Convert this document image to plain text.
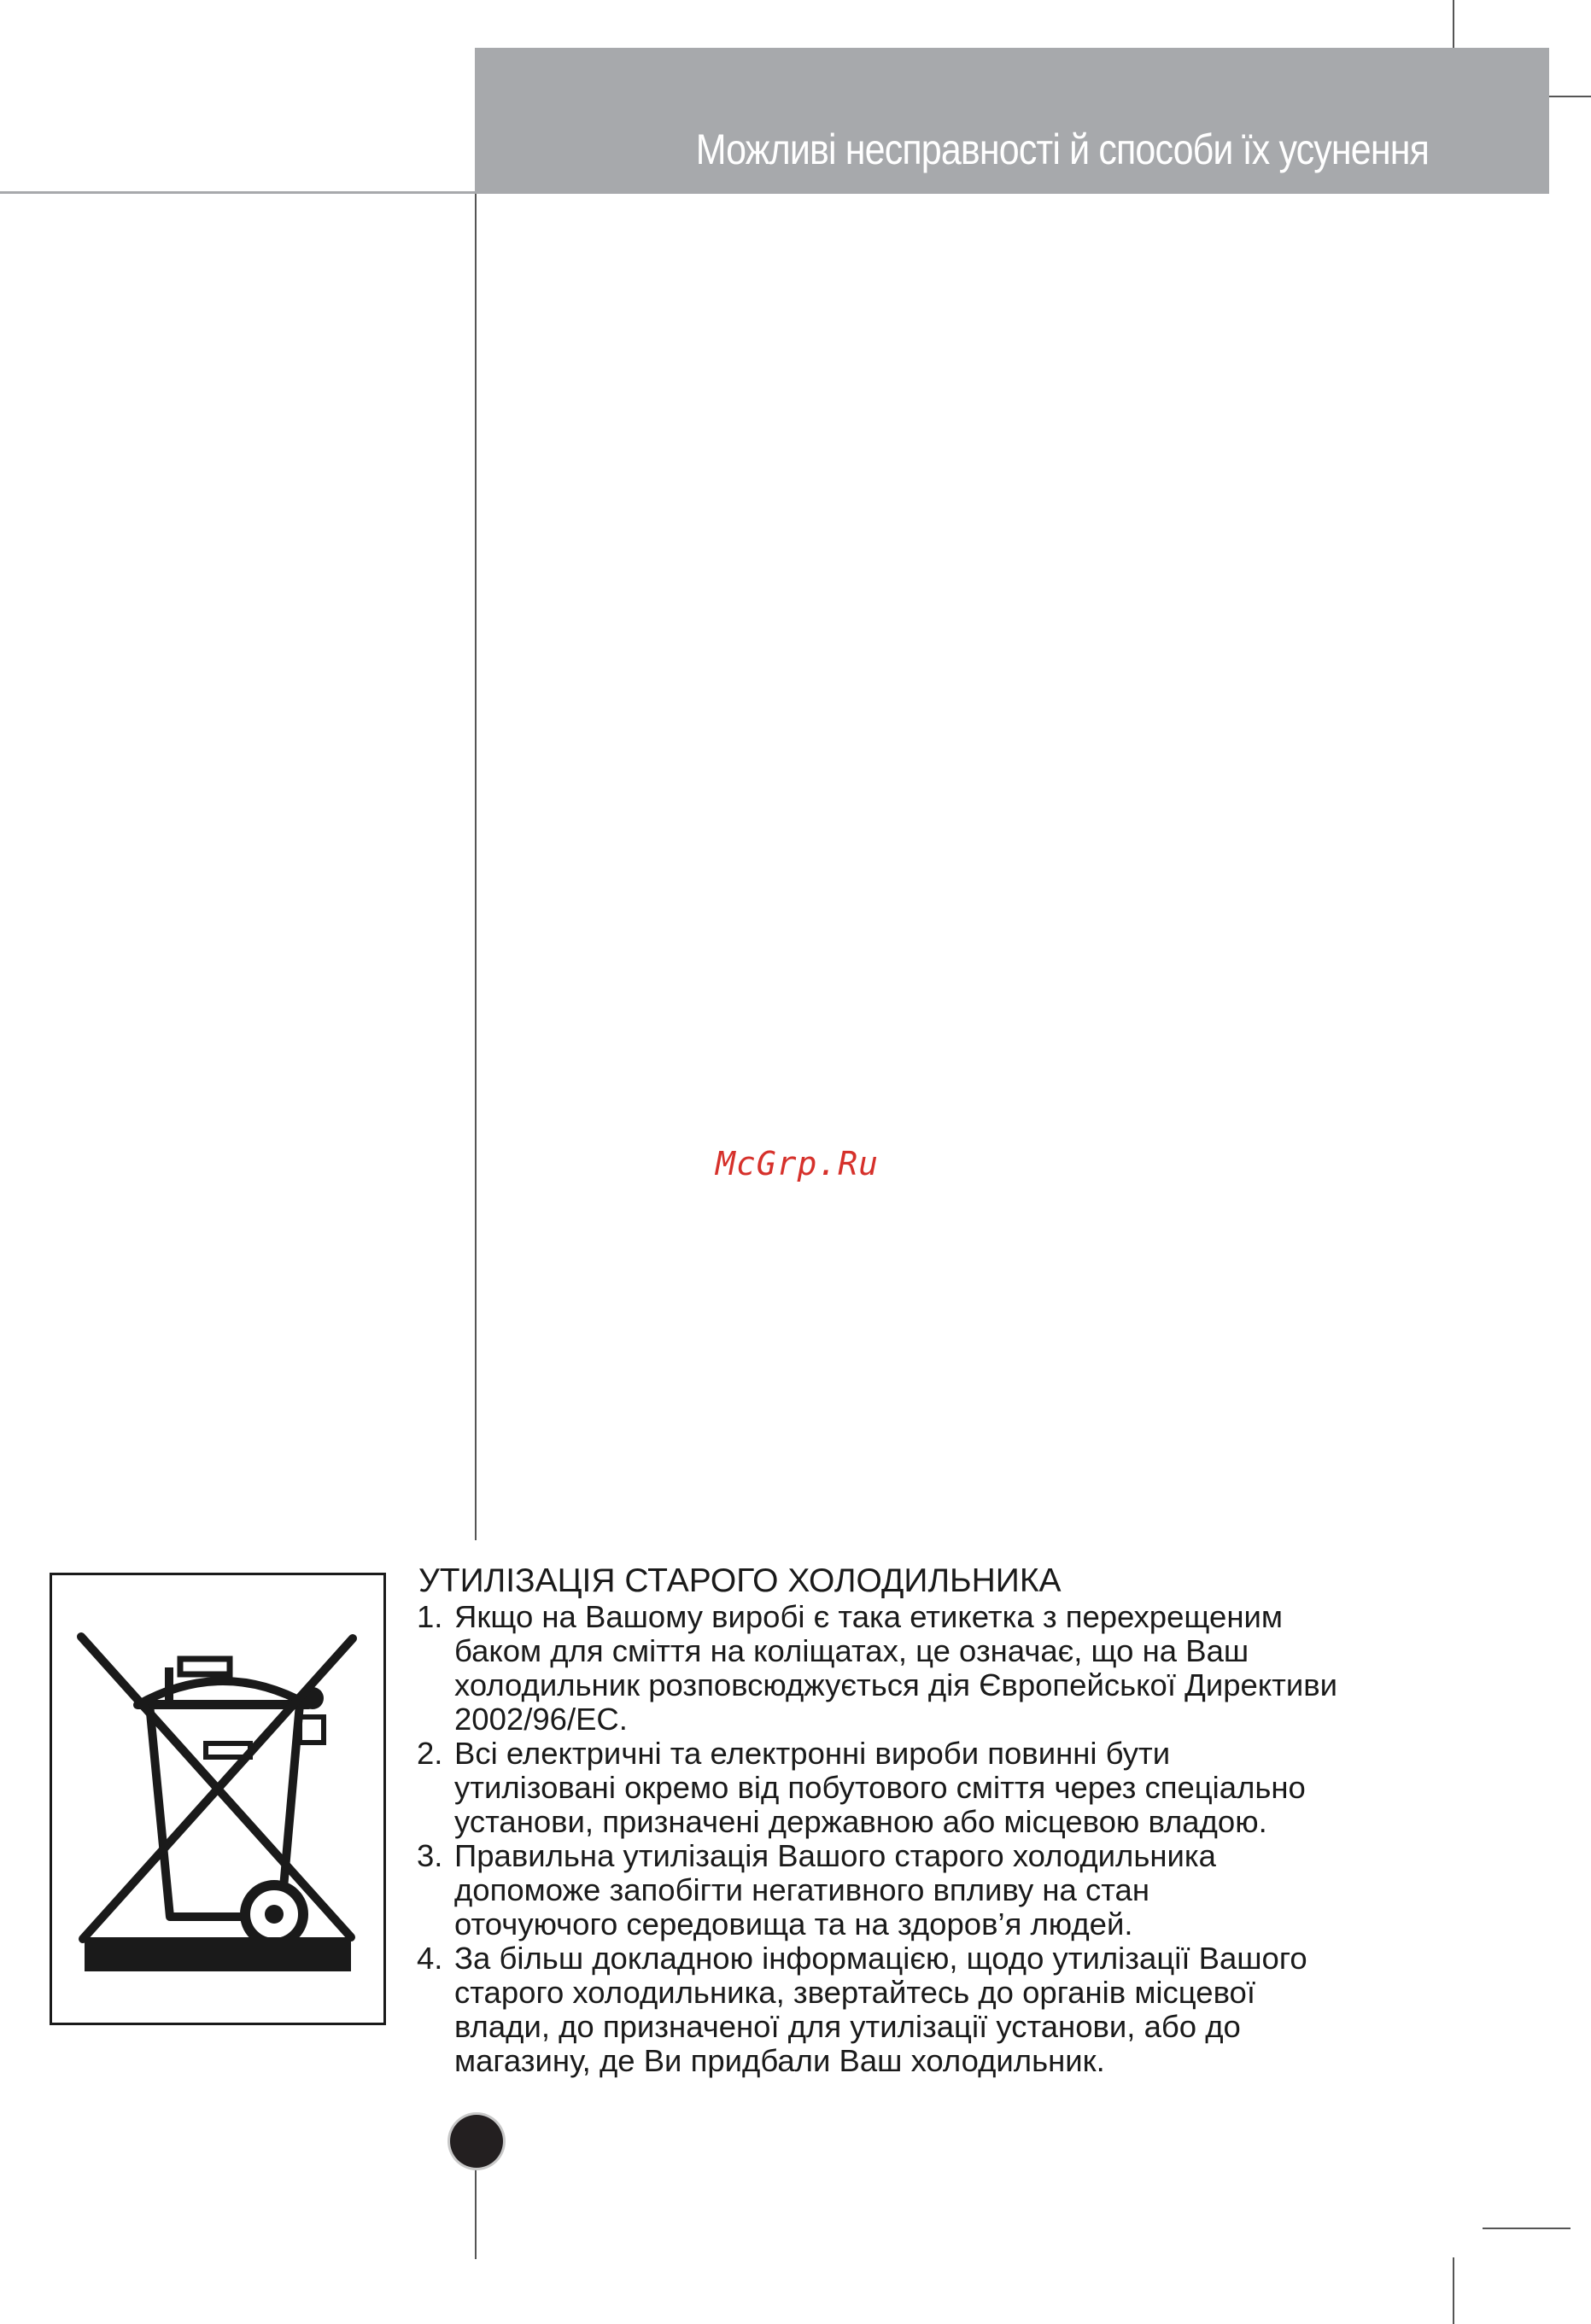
Можливі несправності й способи їх усунення
McGrp.Ru
УТИЛІЗАЦІЯ СТАРОГО ХОЛОДИЛЬНИКА
1. Якщо на Вашому виробі є така етикетка з перехрещеним
баком для сміття на коліщатах, це означає, що на Ваш
холодильник розповсюджується дія Європейської Директиви
2002/96/EC.
2. Всі електричні та електронні вироби повинні бути
утилізовані окремо від побутового сміття через спеціально
установи, призначені державною або місцевою владою.
3. Правильна утилізація Вашого старого холодильника
допоможе запобігти негативного впливу на стан
оточуючого середовища та на здоров’я людей.
4. За більш докладною інформацією, щодо утилізації Вашого
старого холодильника, звертайтесь до органів місцевої
влади, до призначеної для утилізації установи, або до
магазину, де Ви придбали Ваш холодильник.
